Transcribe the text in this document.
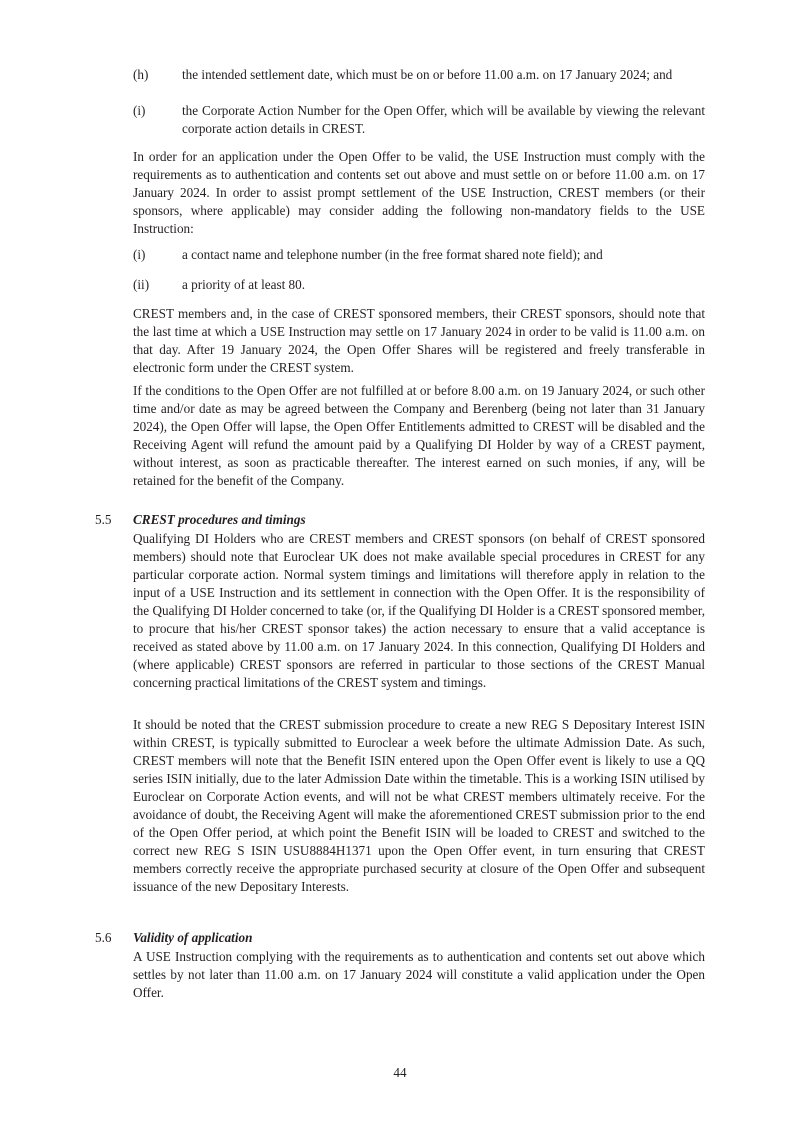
(h)	the intended settlement date, which must be on or before 11.00 a.m. on 17 January 2024; and
(i)	the Corporate Action Number for the Open Offer, which will be available by viewing the relevant corporate action details in CREST.

In order for an application under the Open Offer to be valid, the USE Instruction must comply with the requirements as to authentication and contents set out above and must settle on or before 11.00 a.m. on 17 January 2024. In order to assist prompt settlement of the USE Instruction, CREST members (or their sponsors, where applicable) may consider adding the following non-mandatory fields to the USE Instruction:

(i)	a contact name and telephone number (in the free format shared note field); and
(ii) a priority of at least 80.

CREST members and, in the case of CREST sponsored members, their CREST sponsors, should note that the last time at which a USE Instruction may settle on 17 January 2024 in order to be valid is 11.00 a.m. on that day. After 19 January 2024, the Open Offer Shares will be registered and freely transferable in electronic form under the CREST system.

If the conditions to the Open Offer are not fulfilled at or before 8.00 a.m. on 19 January 2024, or such other time and/or date as may be agreed between the Company and Berenberg (being not later than 31 January 2024), the Open Offer will lapse, the Open Offer Entitlements admitted to CREST will be disabled and the Receiving Agent will refund the amount paid by a Qualifying DI Holder by way of a CREST payment, without interest, as soon as practicable thereafter. The interest earned on such monies, if any, will be retained for the benefit of the Company.

5.5 CREST procedures and timings

Qualifying DI Holders who are CREST members and CREST sponsors (on behalf of CREST sponsored members) should note that Euroclear UK does not make available special procedures in CREST for any particular corporate action. Normal system timings and limitations will therefore apply in relation to the input of a USE Instruction and its settlement in connection with the Open Offer. It is the responsibility of the Qualifying DI Holder concerned to take (or, if the Qualifying DI Holder is a CREST sponsored member, to procure that his/her CREST sponsor takes) the action necessary to ensure that a valid acceptance is received as stated above by 11.00 a.m. on 17 January 2024. In this connection, Qualifying DI Holders and (where applicable) CREST sponsors are referred in particular to those sections of the CREST Manual concerning practical limitations of the CREST system and timings.

It should be noted that the CREST submission procedure to create a new REG S Depositary Interest ISIN within CREST, is typically submitted to Euroclear a week before the ultimate Admission Date. As such, CREST members will note that the Benefit ISIN entered upon the Open Offer event is likely to use a QQ series ISIN initially, due to the later Admission Date within the timetable. This is a working ISIN utilised by Euroclear on Corporate Action events, and will not be what CREST members ultimately receive. For the avoidance of doubt, the Receiving Agent will make the aforementioned CREST submission prior to the end of the Open Offer period, at which point the Benefit ISIN will be loaded to CREST and switched to the correct new REG S ISIN USU8884H1371 upon the Open Offer event, in turn ensuring that CREST members correctly receive the appropriate purchased security at closure of the Open Offer and subsequent issuance of the new Depositary Interests.

5.6 Validity of application

A USE Instruction complying with the requirements as to authentication and contents set out above which settles by not later than 11.00 a.m. on 17 January 2024 will constitute a valid application under the Open Offer.

44
